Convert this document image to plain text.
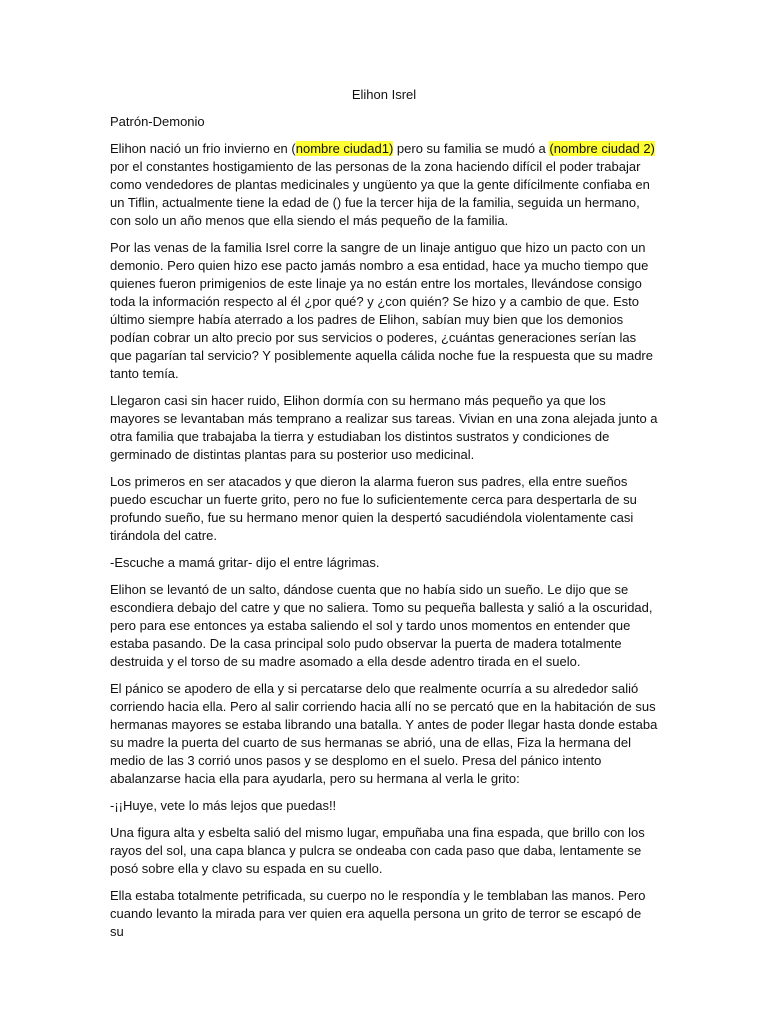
Elihon Isrel

Patrón-Demonio

Elihon nació un frio invierno en (nombre ciudad1) pero su familia se mudó a (nombre ciudad 2) por el constantes hostigamiento de las personas de la zona haciendo difícil el poder trabajar como vendedores de plantas medicinales y ungüento ya que la gente difícilmente confiaba en un Tiflin, actualmente tiene la edad de () fue la tercer hija de la familia, seguida un hermano, con solo un año menos que ella siendo el más pequeño de la familia.

Por las venas de la familia Isrel corre la sangre de un linaje antiguo que hizo un pacto con un demonio. Pero quien hizo ese pacto jamás nombro a esa entidad, hace ya mucho tiempo que quienes fueron primigenios de este linaje ya no están entre los mortales, llevándose consigo toda la información respecto al él ¿por qué? y ¿con quién? Se hizo y a cambio de que. Esto último siempre había aterrado a los padres de Elihon, sabían muy bien que los demonios podían cobrar un alto precio por sus servicios o poderes, ¿cuántas generaciones serían las que pagarían tal servicio? Y posiblemente aquella cálida noche fue la respuesta que su madre tanto temía.

Llegaron casi sin hacer ruido, Elihon dormía con su hermano más pequeño ya que los mayores se levantaban más temprano a realizar sus tareas. Vivian en una zona alejada junto a otra familia que trabajaba la tierra y estudiaban los distintos sustratos y condiciones de germinado de distintas plantas para su posterior uso medicinal.

Los primeros en ser atacados y que dieron la alarma fueron sus padres, ella entre sueños puedo escuchar un fuerte grito, pero no fue lo suficientemente cerca para despertarla de su profundo sueño, fue su hermano menor quien la despertó sacudiéndola violentamente casi tirándola del catre.

-Escuche a mamá gritar- dijo el entre lágrimas.

Elihon se levantó de un salto, dándose cuenta que no había sido un sueño. Le dijo que se escondiera debajo del catre y que no saliera. Tomo su pequeña ballesta y salió a la oscuridad, pero para ese entonces ya estaba saliendo el sol y tardo unos momentos en entender que estaba pasando. De la casa principal solo pudo observar la puerta de madera totalmente destruida y el torso de su madre asomado a ella desde adentro tirada en el suelo.

El pánico se apodero de ella y si percatarse delo que realmente ocurría a su alrededor salió corriendo hacia ella. Pero al salir corriendo hacia allí no se percató que en la habitación de sus hermanas mayores se estaba librando una batalla. Y antes de poder llegar hasta donde estaba su madre la puerta del cuarto de sus hermanas se abrió, una de ellas, Fiza la hermana del medio de las 3 corrió unos pasos y se desplomo en el suelo. Presa del pánico intento abalanzarse hacia ella para ayudarla, pero su hermana al verla le grito:

-¡¡Huye, vete lo más lejos que puedas!!

Una figura alta y esbelta salió del mismo lugar, empuñaba una fina espada, que brillo con los rayos del sol, una capa blanca y pulcra se ondeaba con cada paso que daba, lentamente se posó sobre ella y clavo su espada en su cuello.

Ella estaba totalmente petrificada, su cuerpo no le respondía y le temblaban las manos. Pero cuando levanto la mirada para ver quien era aquella persona un grito de terror se escapó de su
